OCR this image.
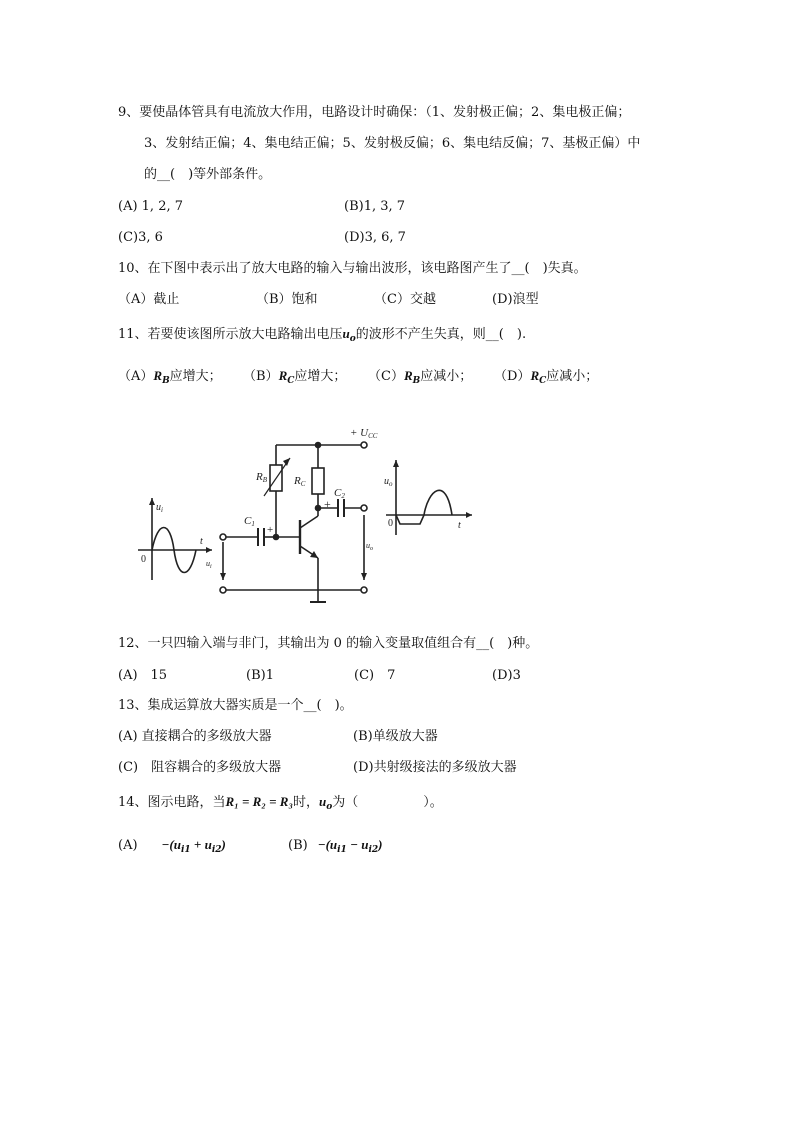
9、要使晶体管具有电流放大作用，电路设计时确保：（1、发射极正偏；2、集电极正偏；
3、发射结正偏；4、集电结正偏；5、发射极反偏；6、集电结反偏；7、基极正偏）中
的__(　)等外部条件。
(A) 1, 2, 7	(B)1, 3, 7
(C)3, 6	(D)3, 6, 7
10、在下图中表示出了放大电路的输入与输出波形，该电路图产生了__(　)失真。
（A）截止	（B）饱和	（C）交越	(D)浪型
11、若要使该图所示放大电路输出电压$u_o$的波形不产生失真，则__(　).
$(A)R_B$应增大； $(B)R_C$应增大； $(C)R_B$应减小； $(D)R_C$应减小；
$u_i$
0
t
C1 +
$u_i$
+ UCC
RB RC
C2
+
$u_o$
$u_o$
0	t
12、一只四输入端与非门，其输出为 0 的输入变量取值组合有__(　)种。
(A)　15	(B)1	(C)　7	(D)3
13、集成运算放大器实质是一个__(　)。
(A) 直接耦合的多级放大器	(B)单级放大器
(C)　阻容耦合的多级放大器	(D)共射级接法的多级放大器
14、图示电路，当R₁ = R₂ = R₃时，$u_o$为（　　　　　）。
$(A) -(u_{i1} + u_{i2})$	$(B) -(u_{i1} - u_{i2})$
